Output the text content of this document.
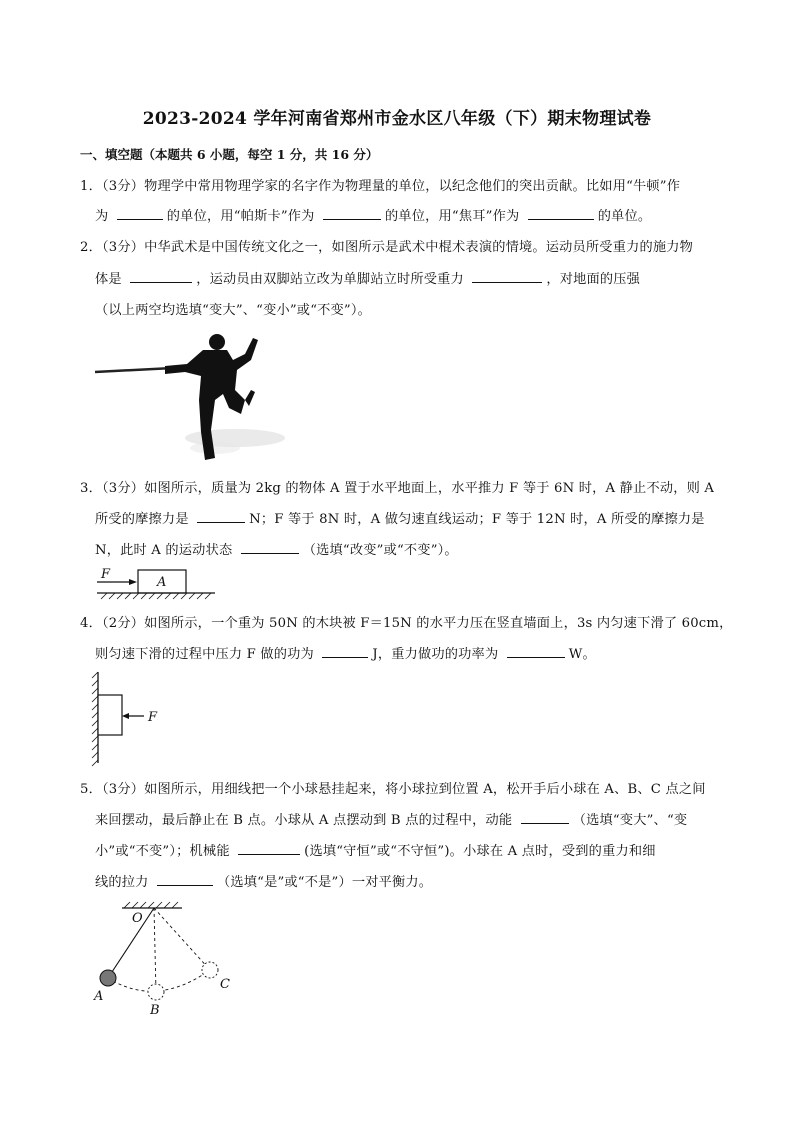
2023-2024 学年河南省郑州市金水区八年级（下）期末物理试卷
一、填空题（本题共 6 小题，每空 1 分，共 16 分）
1．（3分）物理学中常用物理学家的名字作为物理量的单位，以纪念他们的突出贡献。比如用“牛顿”作
为	的单位，用“帕斯卡”作为	的单位，用“焦耳”作为	的单位。
2．（3分）中华武术是中国传统文化之一，如图所示是武术中棍术表演的情境。运动员所受重力的施力物
体是	，运动员由双脚站立改为单脚站立时所受重力	，对地面的压强
（以上两空均选填“变大”、“变小”或“不变”）。
3．（3分）如图所示，质量为 2kg 的物体 A 置于水平地面上，水平推力 F 等于 6N 时，A 静止不动，则 A
所受的摩擦力是	N；F 等于 8N 时，A 做匀速直线运动；F 等于 12N 时，A 所受的摩擦力是
N，此时 A 的运动状态	（选填“改变”或“不变”）。
F
A
4．（2分）如图所示，一个重为 50N 的木块被 F＝15N 的水平力压在竖直墙面上，3s 内匀速下滑了 60cm，
则匀速下滑的过程中压力 F 做的功为	J，重力做功的功率为	W。
F
5．（3分）如图所示，用细线把一个小球悬挂起来，将小球拉到位置 A，松开手后小球在 A、B、C 点之间
来回摆动，最后静止在 B 点。小球从 A 点摆动到 B 点的过程中，动能	（选填“变大”、“变
小”或“不变”）；机械能	(选填“守恒”或“不守恒”)。小球在 A 点时，受到的重力和细
线的拉力	（选填“是”或“不是”）一对平衡力。
O
A
B
C
